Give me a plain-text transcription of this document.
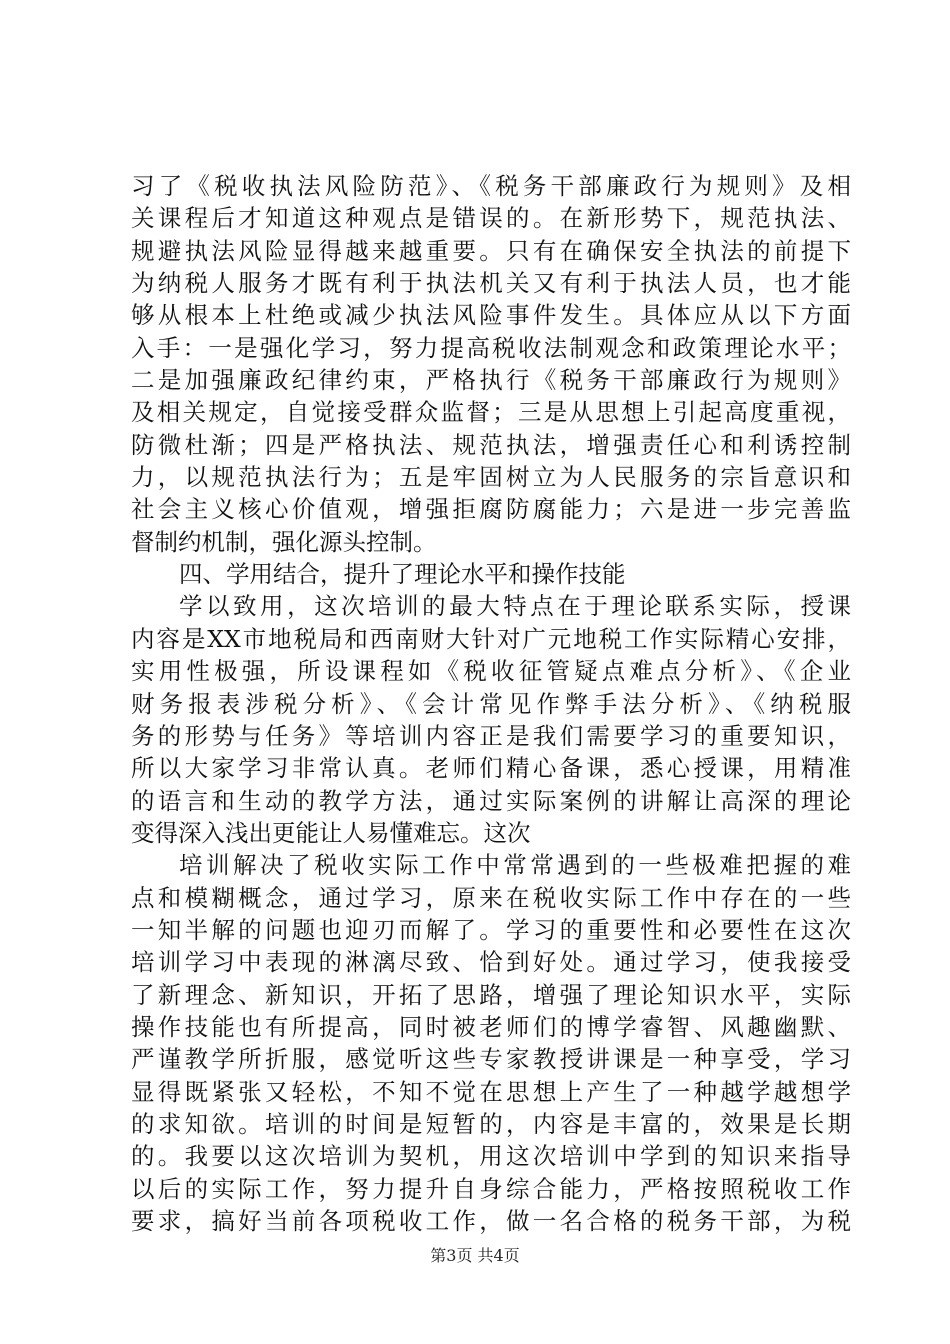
习了《税收执法风险防范》、《税务干部廉政行为规则》及相
关课程后才知道这种观点是错误的。在新形势下，规范执法、
规避执法风险显得越来越重要。只有在确保安全执法的前提下
为纳税人服务才既有利于执法机关又有利于执法人员，也才能
够从根本上杜绝或减少执法风险事件发生。具体应从以下方面
入手：一是强化学习，努力提高税收法制观念和政策理论水平；
二是加强廉政纪律约束，严格执行《税务干部廉政行为规则》
及相关规定，自觉接受群众监督；三是从思想上引起高度重视，
防微杜渐；四是严格执法、规范执法，增强责任心和利诱控制
力，以规范执法行为；五是牢固树立为人民服务的宗旨意识和
社会主义核心价值观，增强拒腐防腐能力；六是进一步完善监
督制约机制，强化源头控制。
四、学用结合，提升了理论水平和操作技能
学以致用，这次培训的最大特点在于理论联系实际，授课
内容是XX市地税局和西南财大针对广元地税工作实际精心安排，
实用性极强，所设课程如《税收征管疑点难点分析》、《企业
财务报表涉税分析》、《会计常见作弊手法分析》、《纳税服
务的形势与任务》等培训内容正是我们需要学习的重要知识，
所以大家学习非常认真。老师们精心备课，悉心授课，用精准
的语言和生动的教学方法，通过实际案例的讲解让高深的理论
变得深入浅出更能让人易懂难忘。这次
培训解决了税收实际工作中常常遇到的一些极难把握的难
点和模糊概念，通过学习，原来在税收实际工作中存在的一些
一知半解的问题也迎刃而解了。学习的重要性和必要性在这次
培训学习中表现的淋漓尽致、恰到好处。通过学习，使我接受
了新理念、新知识，开拓了思路，增强了理论知识水平，实际
操作技能也有所提高，同时被老师们的博学睿智、风趣幽默、
严谨教学所折服，感觉听这些专家教授讲课是一种享受，学习
显得既紧张又轻松，不知不觉在思想上产生了一种越学越想学
的求知欲。培训的时间是短暂的，内容是丰富的，效果是长期
的。我要以这次培训为契机，用这次培训中学到的知识来指导
以后的实际工作，努力提升自身综合能力，严格按照税收工作
要求，搞好当前各项税收工作，做一名合格的税务干部，为税
第3页 共4页
